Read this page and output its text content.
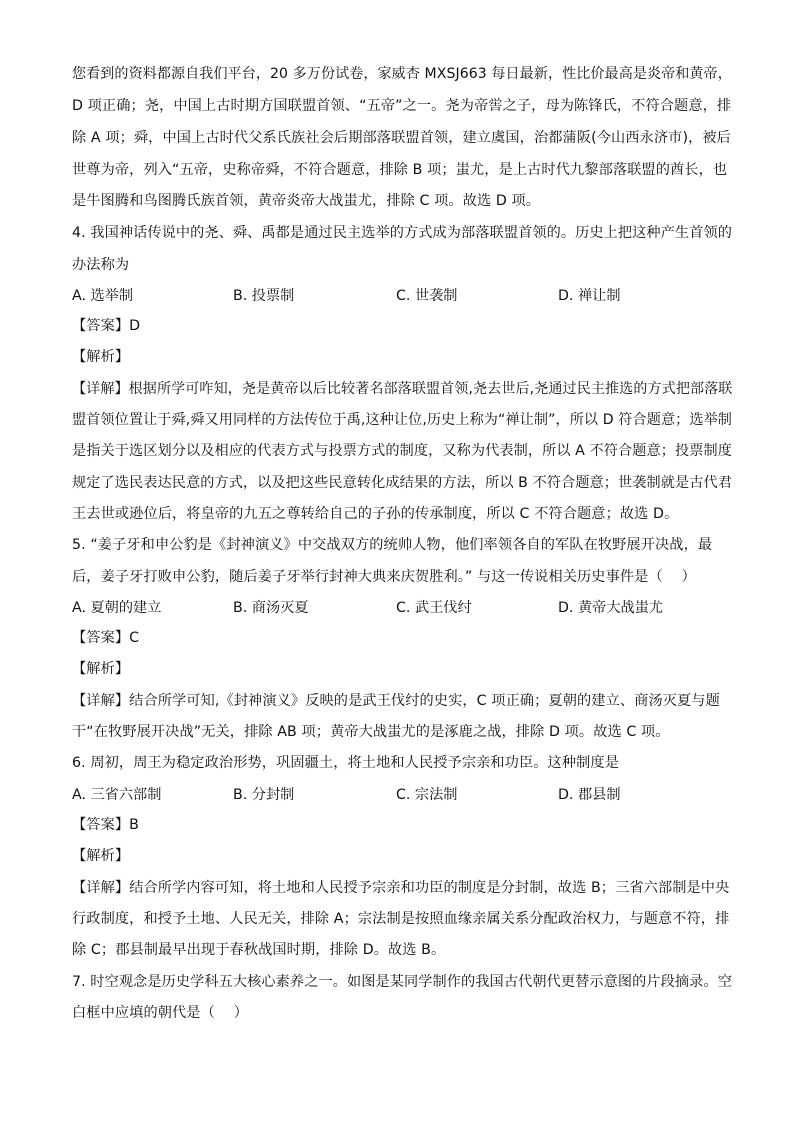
您看到的资料都源自我们平台，20 多万份试卷，家威杏 MXSJ663 每日最新，性比价最高是炎帝和黄帝，
D 项正确；尧，中国上古时期方国联盟首领、“五帝”之一。尧为帝喾之子，母为陈锋氏，不符合题意，排
除 A 项；舜，中国上古时代父系氏族社会后期部落联盟首领，建立虞国，治都蒲阪(今山西永济市)，被后
世尊为帝，列入“五帝，史称帝舜，不符合题意，排除 B 项；蚩尤，是上古时代九黎部落联盟的酋长，也
是牛图腾和鸟图腾氏族首领，黄帝炎帝大战蚩尤，排除 C 项。故选 D 项。
4. 我国神话传说中的尧、舜、禹都是通过民主选举的方式成为部落联盟首领的。历史上把这种产生首领的
办法称为
A. 选举制	B. 投票制	C. 世袭制	D. 禅让制
【答案】D
【解析】
【详解】根据所学可咋知，尧是黄帝以后比较著名部落联盟首领,尧去世后,尧通过民主推选的方式把部落联
盟首领位置让于舜,舜又用同样的方法传位于禹,这种让位,历史上称为“禅让制”，所以 D 符合题意；选举制
是指关于选区划分以及相应的代表方式与投票方式的制度，又称为代表制，所以 A 不符合题意；投票制度
规定了选民表达民意的方式，以及把这些民意转化成结果的方法，所以 B 不符合题意；世袭制就是古代君
王去世或逊位后，将皇帝的九五之尊转给自己的子孙的传承制度，所以 C 不符合题意；故选 D。
5. “姜子牙和申公豹是《封神演义》中交战双方的统帅人物，他们率领各自的军队在牧野展开决战，最
后，姜子牙打败申公豹，随后姜子牙举行封神大典来庆贺胜利。” 与这一传说相关历史事件是（　 ）
A. 夏朝的建立	B. 商汤灭夏	C. 武王伐纣	D. 黄帝大战蚩尤
【答案】C
【解析】
【详解】结合所学可知,《封神演义》反映的是武王伐纣的史实，C 项正确；夏朝的建立、商汤灭夏与题
干“在牧野展开决战”无关，排除 AB 项；黄帝大战蚩尤的是涿鹿之战，排除 D 项。故选 C 项。
6. 周初，周王为稳定政治形势，巩固疆土，将土地和人民授予宗亲和功臣。这种制度是
A. 三省六部制	B. 分封制	C. 宗法制	D. 郡县制
【答案】B
【解析】
【详解】结合所学内容可知，将土地和人民授予宗亲和功臣的制度是分封制，故选 B；三省六部制是中央
行政制度，和授予土地、人民无关，排除 A；宗法制是按照血缘亲属关系分配政治权力，与题意不符，排
除 C；郡县制最早出现于春秋战国时期，排除 D。故选 B。
7. 时空观念是历史学科五大核心素养之一。如图是某同学制作的我国古代朝代更替示意图的片段摘录。空
白框中应填的朝代是（　 ）
